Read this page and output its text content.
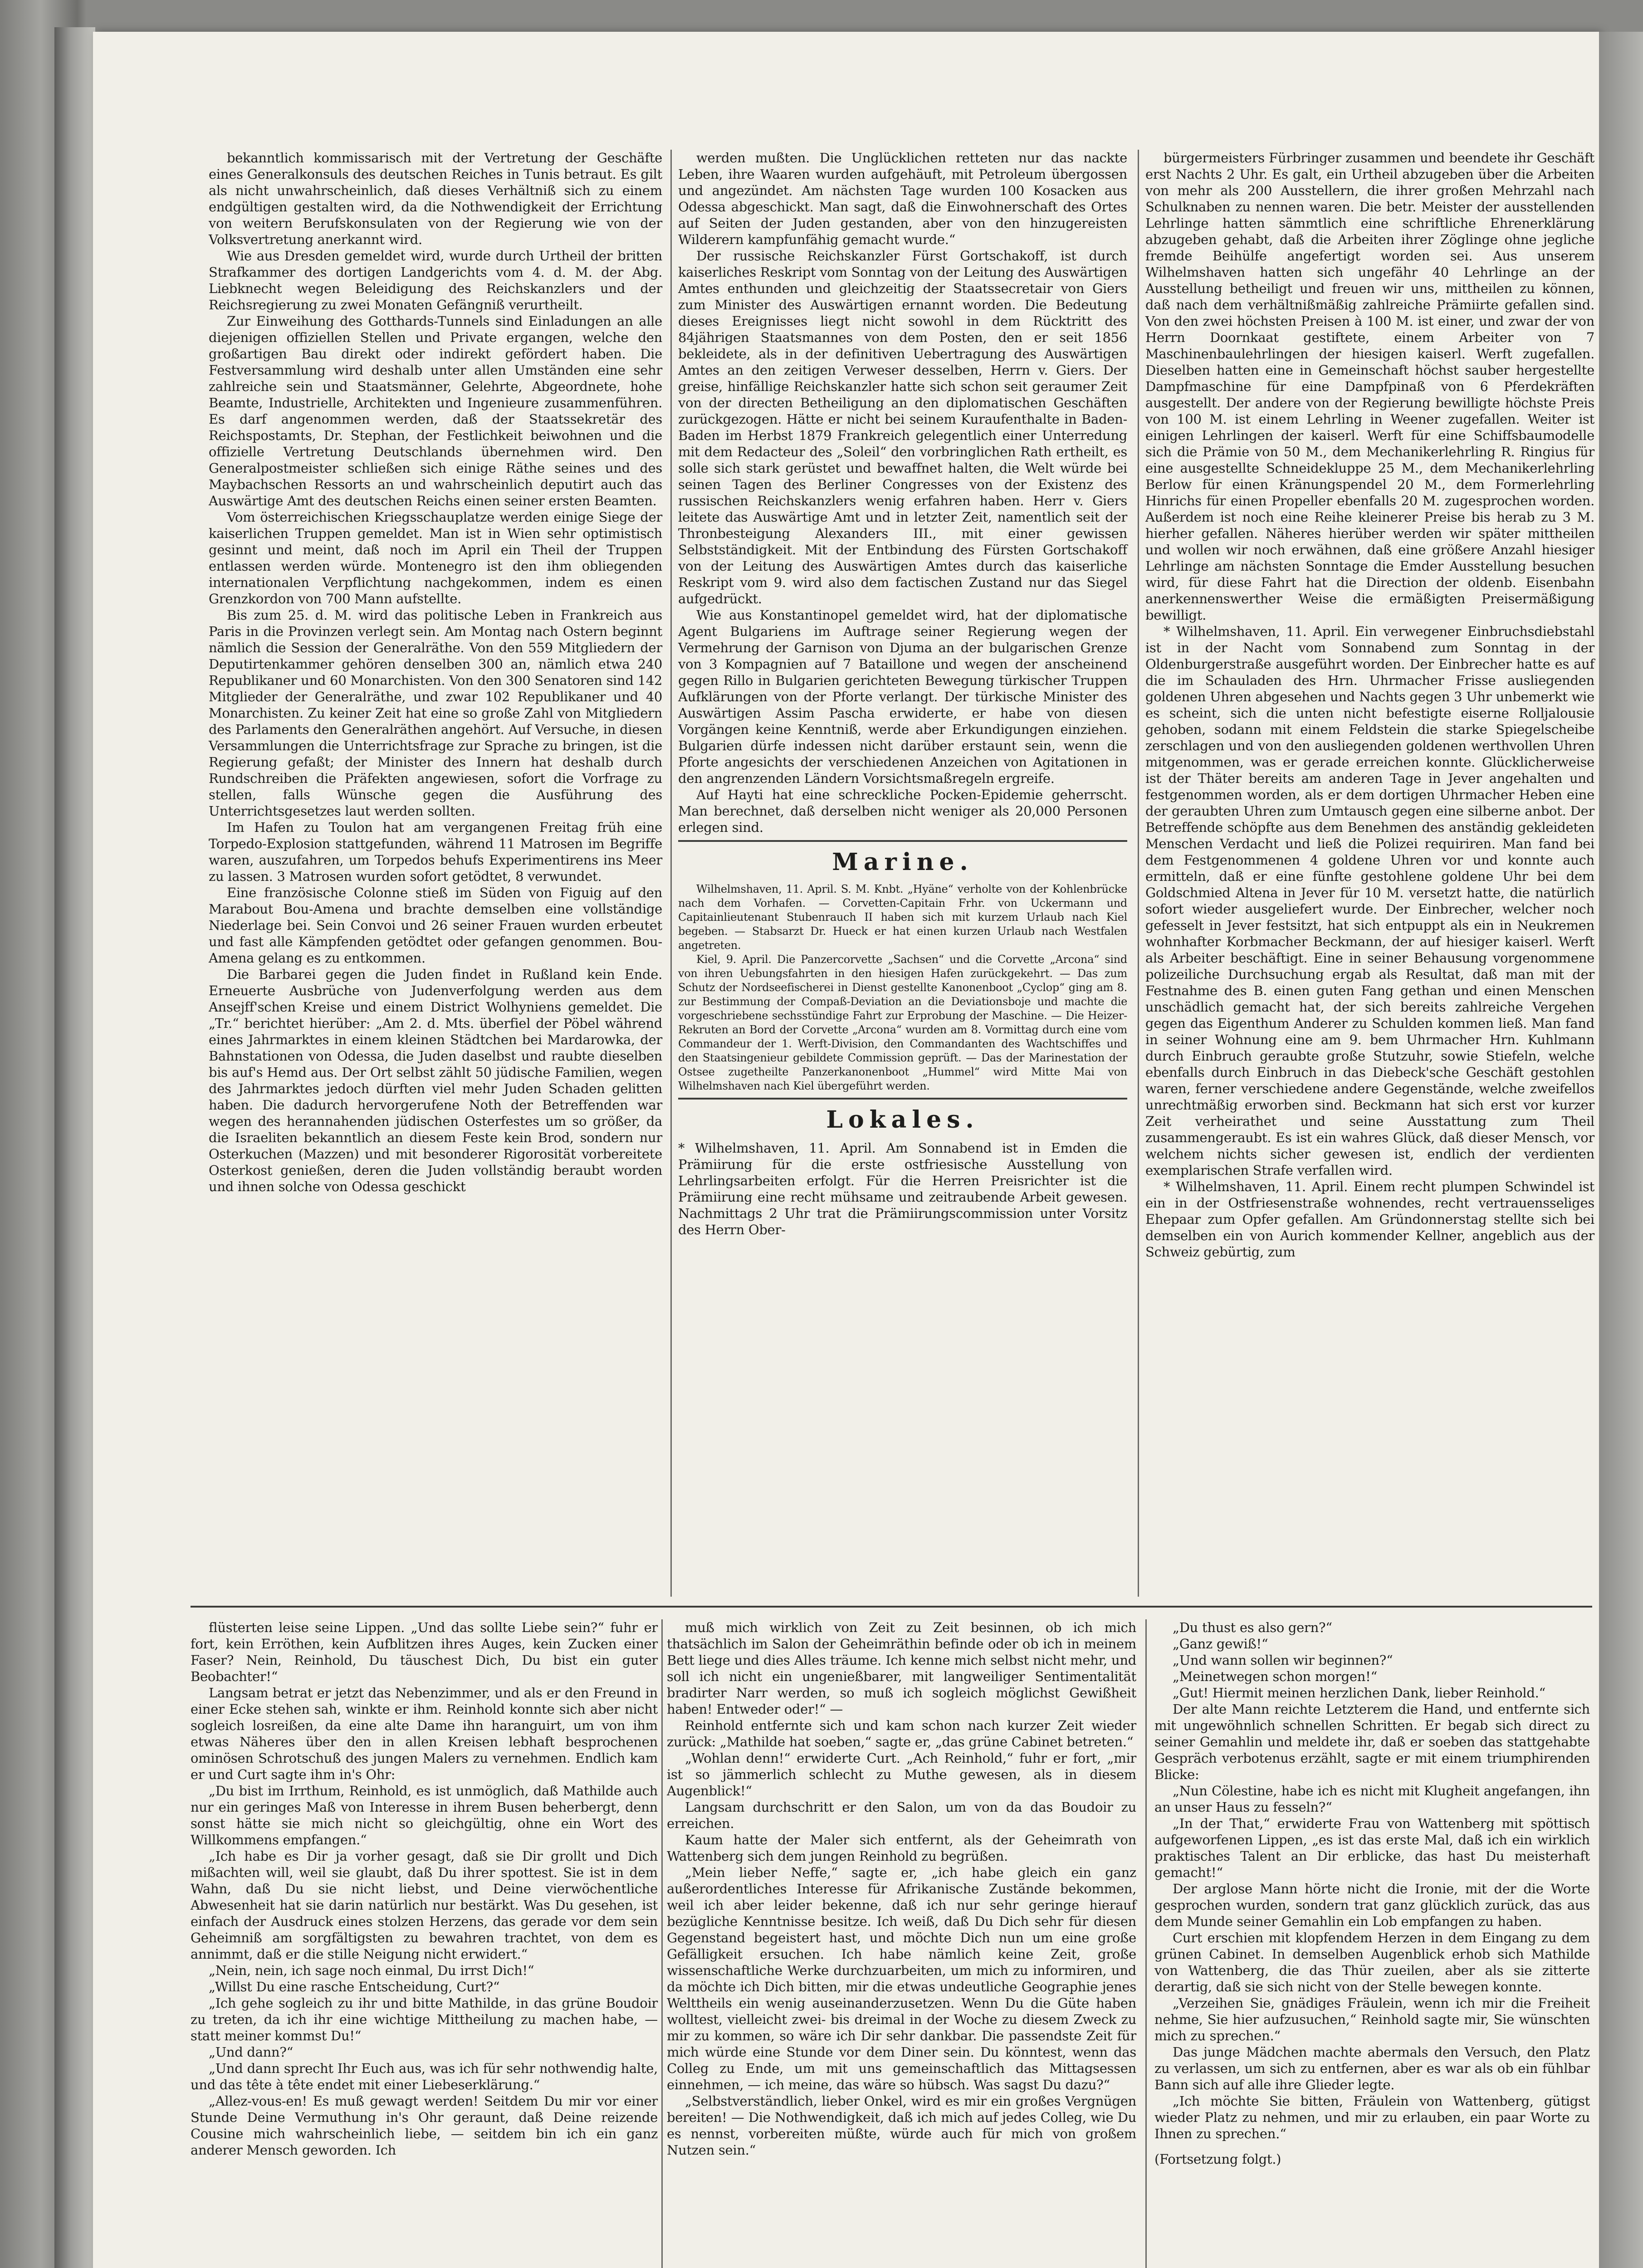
bekanntlich kommissarisch mit der Vertretung der Geschäfte eines Generalkonsuls des deutschen Reiches in Tunis betraut. Es gilt als nicht unwahrscheinlich, daß dieses Verhältniß sich zu einem endgültigen gestalten wird, da die Nothwendigkeit der Errichtung von weitern Berufskonsulaten von der Regierung wie von der Volksvertretung anerkannt wird.

Wie aus Dresden gemeldet wird, wurde durch Urtheil der britten Strafkammer des dortigen Landgerichts vom 4. d. M. der Abg. Liebknecht wegen Beleidigung des Reichskanzlers und der Reichsregierung zu zwei Monaten Gefängniß verurtheilt.

Zur Einweihung des Gotthards-Tunnels sind Einladungen an alle diejenigen offiziellen Stellen und Private ergangen, welche den großartigen Bau direkt oder indirekt gefördert haben. Die Festversammlung wird deshalb unter allen Umständen eine sehr zahlreiche sein und Staatsmänner, Gelehrte, Abgeordnete, hohe Beamte, Industrielle, Architekten und Ingenieure zusammenführen. Es darf angenommen werden, daß der Staatssekretär des Reichspostamts, Dr. Stephan, der Festlichkeit beiwohnen und die offizielle Vertretung Deutschlands übernehmen wird. Den Generalpostmeister schließen sich einige Räthe seines und des Maybachschen Ressorts an und wahrscheinlich deputirt auch das Auswärtige Amt des deutschen Reichs einen seiner ersten Beamten.

Vom österreichischen Kriegsschauplatze werden einige Siege der kaiserlichen Truppen gemeldet. Man ist in Wien sehr optimistisch gesinnt und meint, daß noch im April ein Theil der Truppen entlassen werden würde. Montenegro ist den ihm obliegenden internationalen Verpflichtung nachgekommen, indem es einen Grenzkordon von 700 Mann aufstellte.

Bis zum 25. d. M. wird das politische Leben in Frankreich aus Paris in die Provinzen verlegt sein. Am Montag nach Ostern beginnt nämlich die Session der Generalräthe. Von den 559 Mitgliedern der Deputirtenkammer gehören denselben 300 an, nämlich etwa 240 Republikaner und 60 Monarchisten. Von den 300 Senatoren sind 142 Mitglieder der Generalräthe, und zwar 102 Republikaner und 40 Monarchisten. Zu keiner Zeit hat eine so große Zahl von Mitgliedern des Parlaments den Generalräthen angehört. Auf Versuche, in diesen Versammlungen die Unterrichtsfrage zur Sprache zu bringen, ist die Regierung gefaßt; der Minister des Innern hat deshalb durch Rundschreiben die Präfekten angewiesen, sofort die Vorfrage zu stellen, falls Wünsche gegen die Ausführung des Unterrichtsgesetzes laut werden sollten.

Im Hafen zu Toulon hat am vergangenen Freitag früh eine Torpedo-Explosion stattgefunden, während 11 Matrosen im Begriffe waren, auszufahren, um Torpedos behufs Experimentirens ins Meer zu lassen. 3 Matrosen wurden sofort getödtet, 8 verwundet.

Eine französische Colonne stieß im Süden von Figuig auf den Marabout Bou-Amena und brachte demselben eine vollständige Niederlage bei. Sein Convoi und 26 seiner Frauen wurden erbeutet und fast alle Kämpfenden getödtet oder gefangen genommen. Bou-Amena gelang es zu entkommen.

Die Barbarei gegen die Juden findet in Rußland kein Ende. Erneuerte Ausbrüche von Judenverfolgung werden aus dem Ansejff'schen Kreise und einem District Wolhyniens gemeldet. Die „Tr.“ berichtet hierüber: „Am 2. d. Mts. überfiel der Pöbel während eines Jahrmarktes in einem kleinen Städtchen bei Mardarowka, der Bahnstationen von Odessa, die Juden daselbst und raubte dieselben bis auf's Hemd aus. Der Ort selbst zählt 50 jüdische Familien, wegen des Jahrmarktes jedoch dürften viel mehr Juden Schaden gelitten haben. Die dadurch hervorgerufene Noth der Betreffenden war wegen des herannahenden jüdischen Osterfestes um so größer, da die Israeliten bekanntlich an diesem Feste kein Brod, sondern nur Osterkuchen (Mazzen) und mit besonderer Rigorosität vorbereitete Osterkost genießen, deren die Juden vollständig beraubt worden und ihnen solche von Odessa geschickt

werden mußten. Die Unglücklichen retteten nur das nackte Leben, ihre Waaren wurden aufgehäuft, mit Petroleum übergossen und angezündet. Am nächsten Tage wurden 100 Kosacken aus Odessa abgeschickt. Man sagt, daß die Einwohnerschaft des Ortes auf Seiten der Juden gestanden, aber von den hinzugereisten Wilderern kampfunfähig gemacht wurde.“

Der russische Reichskanzler Fürst Gortschakoff, ist durch kaiserliches Reskript vom Sonntag von der Leitung des Auswärtigen Amtes enthunden und gleichzeitig der Staatssecretair von Giers zum Minister des Auswärtigen ernannt worden. Die Bedeutung dieses Ereignisses liegt nicht sowohl in dem Rücktritt des 84jährigen Staatsmannes von dem Posten, den er seit 1856 bekleidete, als in der definitiven Uebertragung des Auswärtigen Amtes an den zeitigen Verweser desselben, Herrn v. Giers. Der greise, hinfällige Reichskanzler hatte sich schon seit geraumer Zeit von der directen Betheiligung an den diplomatischen Geschäften zurückgezogen. Hätte er nicht bei seinem Kuraufenthalte in Baden-Baden im Herbst 1879 Frankreich gelegentlich einer Unterredung mit dem Redacteur des „Soleil“ den vorbringlichen Rath ertheilt, es solle sich stark gerüstet und bewaffnet halten, die Welt würde bei seinen Tagen des Berliner Congresses von der Existenz des russischen Reichskanzlers wenig erfahren haben. Herr v. Giers leitete das Auswärtige Amt und in letzter Zeit, namentlich seit der Thronbesteigung Alexanders III., mit einer gewissen Selbstständigkeit. Mit der Entbindung des Fürsten Gortschakoff von der Leitung des Auswärtigen Amtes durch das kaiserliche Reskript vom 9. wird also dem factischen Zustand nur das Siegel aufgedrückt.

Wie aus Konstantinopel gemeldet wird, hat der diplomatische Agent Bulgariens im Auftrage seiner Regierung wegen der Vermehrung der Garnison von Djuma an der bulgarischen Grenze von 3 Kompagnien auf 7 Bataillone und wegen der anscheinend gegen Rillo in Bulgarien gerichteten Bewegung türkischer Truppen Aufklärungen von der Pforte verlangt. Der türkische Minister des Auswärtigen Assim Pascha erwiderte, er habe von diesen Vorgängen keine Kenntniß, werde aber Erkundigungen einziehen. Bulgarien dürfe indessen nicht darüber erstaunt sein, wenn die Pforte angesichts der verschiedenen Anzeichen von Agitationen in den angrenzenden Ländern Vorsichtsmaßregeln ergreife.

Auf Hayti hat eine schreckliche Pocken-Epidemie geherrscht. Man berechnet, daß derselben nicht weniger als 20,000 Personen erlegen sind.

Marine.

Wilhelmshaven, 11. April. S. M. Knbt. „Hyäne“ verholte von der Kohlenbrücke nach dem Vorhafen. — Corvetten-Capitain Frhr. von Uckermann und Capitainlieutenant Stubenrauch II haben sich mit kurzem Urlaub nach Kiel begeben. — Stabsarzt Dr. Hueck er hat einen kurzen Urlaub nach Westfalen angetreten.

Kiel, 9. April. Die Panzercorvette „Sachsen“ und die Corvette „Arcona“ sind von ihren Uebungsfahrten in den hiesigen Hafen zurückgekehrt. — Das zum Schutz der Nordseefischerei in Dienst gestellte Kanonenboot „Cyclop“ ging am 8. zur Bestimmung der Compaß-Deviation an die Deviationsboje und machte die vorgeschriebene sechsstündige Fahrt zur Erprobung der Maschine. — Die Heizer-Rekruten an Bord der Corvette „Arcona“ wurden am 8. Vormittag durch eine vom Commandeur der 1. Werft-Division, den Commandanten des Wachtschiffes und den Staatsingenieur gebildete Commission geprüft. — Das der Marinestation der Ostsee zugetheilte Panzerkanonenboot „Hummel“ wird Mitte Mai von Wilhelmshaven nach Kiel übergeführt werden.

Lokales.

* Wilhelmshaven, 11. April. Am Sonnabend ist in Emden die Prämiirung für die erste ostfriesische Ausstellung von Lehrlingsarbeiten erfolgt. Für die Herren Preisrichter ist die Prämiirung eine recht mühsame und zeitraubende Arbeit gewesen. Nachmittags 2 Uhr trat die Prämiirungscommission unter Vorsitz des Herrn Ober-

bürgermeisters Fürbringer zusammen und beendete ihr Geschäft erst Nachts 2 Uhr. Es galt, ein Urtheil abzugeben über die Arbeiten von mehr als 200 Ausstellern, die ihrer großen Mehrzahl nach Schulknaben zu nennen waren. Die betr. Meister der ausstellenden Lehrlinge hatten sämmtlich eine schriftliche Ehrenerklärung abzugeben gehabt, daß die Arbeiten ihrer Zöglinge ohne jegliche fremde Beihülfe angefertigt worden sei. Aus unserem Wilhelmshaven hatten sich ungefähr 40 Lehrlinge an der Ausstellung betheiligt und freuen wir uns, mittheilen zu können, daß nach dem verhältnißmäßig zahlreiche Prämiirte gefallen sind. Von den zwei höchsten Preisen à 100 M. ist einer, und zwar der von Herrn Doornkaat gestiftete, einem Arbeiter von 7 Maschinenbaulehrlingen der hiesigen kaiserl. Werft zugefallen. Dieselben hatten eine in Gemeinschaft höchst sauber hergestellte Dampfmaschine für eine Dampfpinaß von 6 Pferdekräften ausgestellt. Der andere von der Regierung bewilligte höchste Preis von 100 M. ist einem Lehrling in Weener zugefallen. Weiter ist einigen Lehrlingen der kaiserl. Werft für eine Schiffsbaumodelle sich die Prämie von 50 M., dem Mechanikerlehrling R. Ringius für eine ausgestellte Schneidekluppe 25 M., dem Mechanikerlehrling Berlow für einen Kränungspendel 20 M., dem Formerlehrling Hinrichs für einen Propeller ebenfalls 20 M. zugesprochen worden. Außerdem ist noch eine Reihe kleinerer Preise bis herab zu 3 M. hierher gefallen. Näheres hierüber werden wir später mittheilen und wollen wir noch erwähnen, daß eine größere Anzahl hiesiger Lehrlinge am nächsten Sonntage die Emder Ausstellung besuchen wird, für diese Fahrt hat die Direction der oldenb. Eisenbahn anerkennenswerther Weise die ermäßigten Preisermäßigung bewilligt.

* Wilhelmshaven, 11. April. Ein verwegener Einbruchsdiebstahl ist in der Nacht vom Sonnabend zum Sonntag in der Oldenburgerstraße ausgeführt worden. Der Einbrecher hatte es auf die im Schauladen des Hrn. Uhrmacher Frisse ausliegenden goldenen Uhren abgesehen und Nachts gegen 3 Uhr unbemerkt wie es scheint, sich die unten nicht befestigte eiserne Rolljalousie gehoben, sodann mit einem Feldstein die starke Spiegelscheibe zerschlagen und von den ausliegenden goldenen werthvollen Uhren mitgenommen, was er gerade erreichen konnte. Glücklicherweise ist der Thäter bereits am anderen Tage in Jever angehalten und festgenommen worden, als er dem dortigen Uhrmacher Heben eine der geraubten Uhren zum Umtausch gegen eine silberne anbot. Der Betreffende schöpfte aus dem Benehmen des anständig gekleideten Menschen Verdacht und ließ die Polizei requiriren. Man fand bei dem Festgenommenen 4 goldene Uhren vor und konnte auch ermitteln, daß er eine fünfte gestohlene goldene Uhr bei dem Goldschmied Altena in Jever für 10 M. versetzt hatte, die natürlich sofort wieder ausgeliefert wurde. Der Einbrecher, welcher noch gefesselt in Jever festsitzt, hat sich entpuppt als ein in Neukremen wohnhafter Korbmacher Beckmann, der auf hiesiger kaiserl. Werft als Arbeiter beschäftigt. Eine in seiner Behausung vorgenommene polizeiliche Durchsuchung ergab als Resultat, daß man mit der Festnahme des B. einen guten Fang gethan und einen Menschen unschädlich gemacht hat, der sich bereits zahlreiche Vergehen gegen das Eigenthum Anderer zu Schulden kommen ließ. Man fand in seiner Wohnung eine am 9. bem Uhrmacher Hrn. Kuhlmann durch Einbruch geraubte große Stutzuhr, sowie Stiefeln, welche ebenfalls durch Einbruch in das Diebeck'sche Geschäft gestohlen waren, ferner verschiedene andere Gegenstände, welche zweifellos unrechtmäßig erworben sind. Beckmann hat sich erst vor kurzer Zeit verheirathet und seine Ausstattung zum Theil zusammengeraubt. Es ist ein wahres Glück, daß dieser Mensch, vor welchem nichts sicher gewesen ist, endlich der verdienten exemplarischen Strafe verfallen wird.

* Wilhelmshaven, 11. April. Einem recht plumpen Schwindel ist ein in der Ostfriesenstraße wohnendes, recht vertrauensseliges Ehepaar zum Opfer gefallen. Am Gründonnerstag stellte sich bei demselben ein von Aurich kommender Kellner, angeblich aus der Schweiz gebürtig, zum

flüsterten leise seine Lippen. „Und das sollte Liebe sein?“ fuhr er fort, kein Erröthen, kein Aufblitzen ihres Auges, kein Zucken einer Faser? Nein, Reinhold, Du täuschest Dich, Du bist ein guter Beobachter!“

Langsam betrat er jetzt das Nebenzimmer, und als er den Freund in einer Ecke stehen sah, winkte er ihm. Reinhold konnte sich aber nicht sogleich losreißen, da eine alte Dame ihn haranguirt, um von ihm etwas Näheres über den in allen Kreisen lebhaft besprochenen ominösen Schrotschuß des jungen Malers zu vernehmen. Endlich kam er und Curt sagte ihm in's Ohr:

„Du bist im Irrthum, Reinhold, es ist unmöglich, daß Mathilde auch nur ein geringes Maß von Interesse in ihrem Busen beherbergt, denn sonst hätte sie mich nicht so gleichgültig, ohne ein Wort des Willkommens empfangen.“

„Ich habe es Dir ja vorher gesagt, daß sie Dir grollt und Dich mißachten will, weil sie glaubt, daß Du ihrer spottest. Sie ist in dem Wahn, daß Du sie nicht liebst, und Deine vierwöchentliche Abwesenheit hat sie darin natürlich nur bestärkt. Was Du gesehen, ist einfach der Ausdruck eines stolzen Herzens, das gerade vor dem sein Geheimniß am sorgfältigsten zu bewahren trachtet, von dem es annimmt, daß er die stille Neigung nicht erwidert.“

„Nein, nein, ich sage noch einmal, Du irrst Dich!“

„Willst Du eine rasche Entscheidung, Curt?“

„Ich gehe sogleich zu ihr und bitte Mathilde, in das grüne Boudoir zu treten, da ich ihr eine wichtige Mittheilung zu machen habe, — statt meiner kommst Du!“

„Und dann?“

„Und dann sprecht Ihr Euch aus, was ich für sehr nothwendig halte, und das tête à tête endet mit einer Liebeserklärung.“

„Allez-vous-en! Es muß gewagt werden! Seitdem Du mir vor einer Stunde Deine Vermuthung in's Ohr geraunt, daß Deine reizende Cousine mich wahrscheinlich liebe, — seitdem bin ich ein ganz anderer Mensch geworden. Ich

muß mich wirklich von Zeit zu Zeit besinnen, ob ich mich thatsächlich im Salon der Geheimräthin befinde oder ob ich in meinem Bett liege und dies Alles träume. Ich kenne mich selbst nicht mehr, und soll ich nicht ein ungenießbarer, mit langweiliger Sentimentalität bradirter Narr werden, so muß ich sogleich möglichst Gewißheit haben! Entweder oder!“ —

Reinhold entfernte sich und kam schon nach kurzer Zeit wieder zurück: „Mathilde hat soeben,“ sagte er, „das grüne Cabinet betreten.“

„Wohlan denn!“ erwiderte Curt. „Ach Reinhold,“ fuhr er fort, „mir ist so jämmerlich schlecht zu Muthe gewesen, als in diesem Augenblick!“

Langsam durchschritt er den Salon, um von da das Boudoir zu erreichen.

Kaum hatte der Maler sich entfernt, als der Geheimrath von Wattenberg sich dem jungen Reinhold zu begrüßen.

„Mein lieber Neffe,“ sagte er, „ich habe gleich ein ganz außerordentliches Interesse für Afrikanische Zustände bekommen, weil ich aber leider bekenne, daß ich nur sehr geringe hierauf bezügliche Kenntnisse besitze. Ich weiß, daß Du Dich sehr für diesen Gegenstand begeistert hast, und möchte Dich nun um eine große Gefälligkeit ersuchen. Ich habe nämlich keine Zeit, große wissenschaftliche Werke durchzuarbeiten, um mich zu informiren, und da möchte ich Dich bitten, mir die etwas undeutliche Geographie jenes Welttheils ein wenig auseinanderzusetzen. Wenn Du die Güte haben wolltest, vielleicht zwei- bis dreimal in der Woche zu diesem Zweck zu mir zu kommen, so wäre ich Dir sehr dankbar. Die passendste Zeit für mich würde eine Stunde vor dem Diner sein. Du könntest, wenn das Colleg zu Ende, um mit uns gemeinschaftlich das Mittagsessen einnehmen, — ich meine, das wäre so hübsch. Was sagst Du dazu?“

„Selbstverständlich, lieber Onkel, wird es mir ein großes Vergnügen bereiten! — Die Nothwendigkeit, daß ich mich auf jedes Colleg, wie Du es nennst, vorbereiten müßte, würde auch für mich von großem Nutzen sein.“

„Du thust es also gern?“

„Ganz gewiß!“

„Und wann sollen wir beginnen?“

„Meinetwegen schon morgen!“

„Gut! Hiermit meinen herzlichen Dank, lieber Reinhold.“

Der alte Mann reichte Letzterem die Hand, und entfernte sich mit ungewöhnlich schnellen Schritten. Er begab sich direct zu seiner Gemahlin und meldete ihr, daß er soeben das stattgehabte Gespräch verbotenus erzählt, sagte er mit einem triumphirenden Blicke:

„Nun Cölestine, habe ich es nicht mit Klugheit angefangen, ihn an unser Haus zu fesseln?“

„In der That,“ erwiderte Frau von Wattenberg mit spöttisch aufgeworfenen Lippen, „es ist das erste Mal, daß ich ein wirklich praktisches Talent an Dir erblicke, das hast Du meisterhaft gemacht!“

Der arglose Mann hörte nicht die Ironie, mit der die Worte gesprochen wurden, sondern trat ganz glücklich zurück, das aus dem Munde seiner Gemahlin ein Lob empfangen zu haben.

Curt erschien mit klopfendem Herzen in dem Eingang zu dem grünen Cabinet. In demselben Augenblick erhob sich Mathilde von Wattenberg, die das Thür zueilen, aber als sie zitterte derartig, daß sie sich nicht von der Stelle bewegen konnte.

„Verzeihen Sie, gnädiges Fräulein, wenn ich mir die Freiheit nehme, Sie hier aufzusuchen,“ Reinhold sagte mir, Sie wünschten mich zu sprechen.“

Das junge Mädchen machte abermals den Versuch, den Platz zu verlassen, um sich zu entfernen, aber es war als ob ein fühlbar Bann sich auf alle ihre Glieder legte.

„Ich möchte Sie bitten, Fräulein von Wattenberg, gütigst wieder Platz zu nehmen, und mir zu erlauben, ein paar Worte zu Ihnen zu sprechen.“

(Fortsetzung folgt.)
